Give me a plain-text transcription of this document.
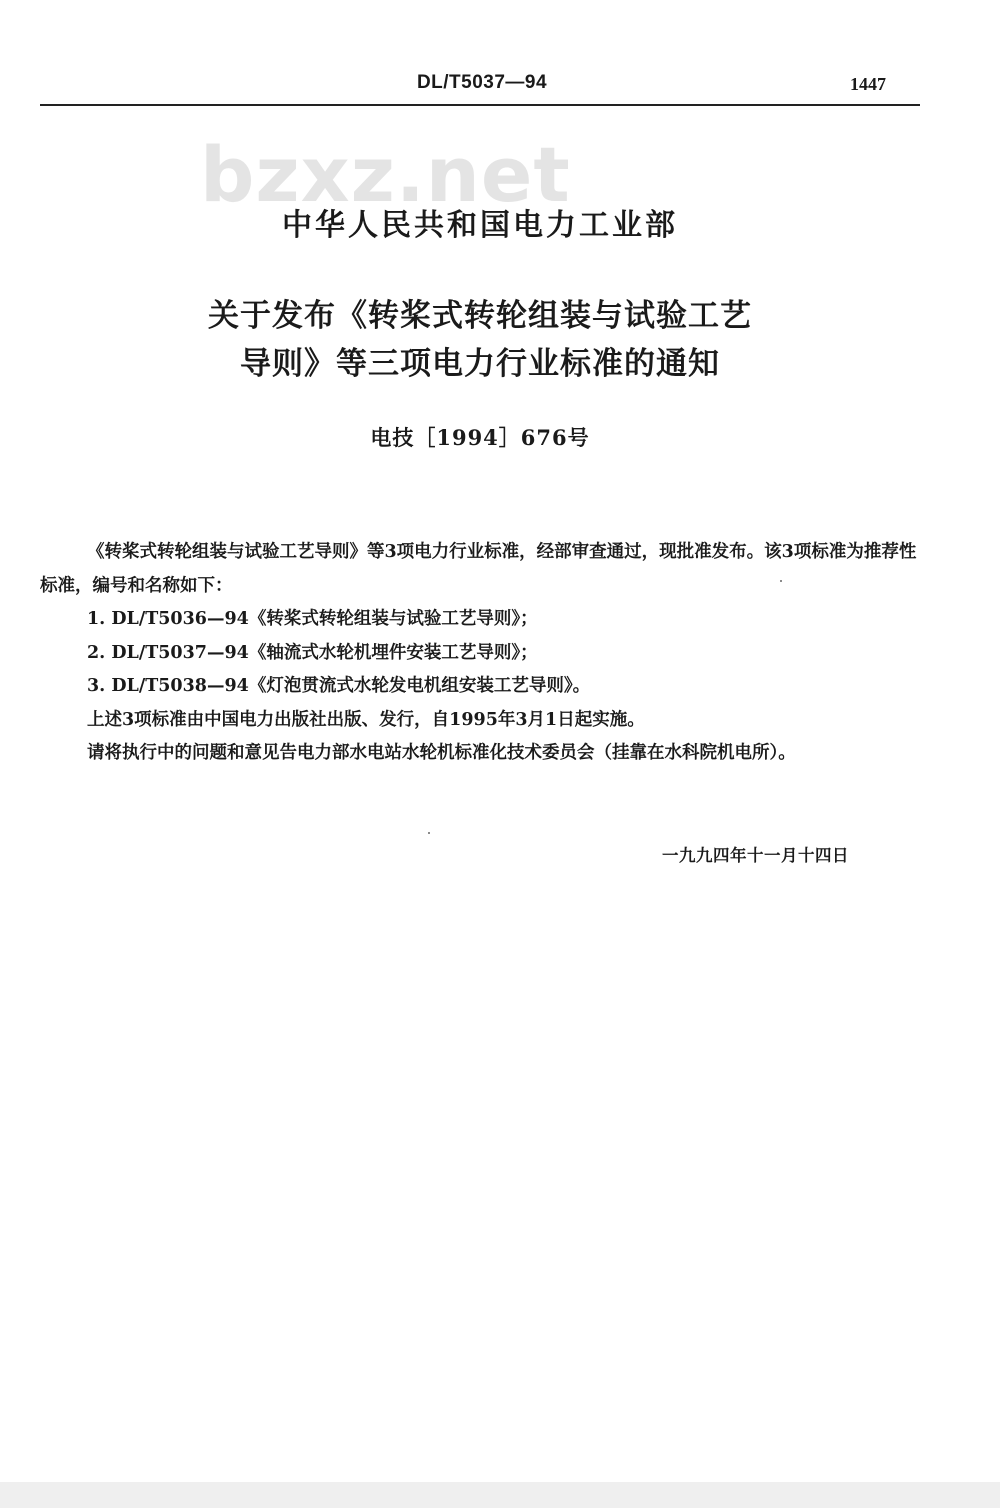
DL/T5037—94	1447
bzxz.net
中华人民共和国电力工业部
关于发布《转桨式转轮组装与试验工艺
导则》等三项电力行业标准的通知
电技［1994］676号

《转桨式转轮组装与试验工艺导则》等3项电力行业标准，经部审查通过，现批准发布。该3项标准为推荐性标准，编号和名称如下：

1. DL/T5036—94《转桨式转轮组装与试验工艺导则》；

2. DL/T5037—94《轴流式水轮机埋件安装工艺导则》；

3. DL/T5038—94《灯泡贯流式水轮发电机组安装工艺导则》。

上述3项标准由中国电力出版社出版、发行，自1995年3月1日起实施。

请将执行中的问题和意见告电力部水电站水轮机标准化技术委员会（挂靠在水科院机电所）。

一九九四年十一月十四日
